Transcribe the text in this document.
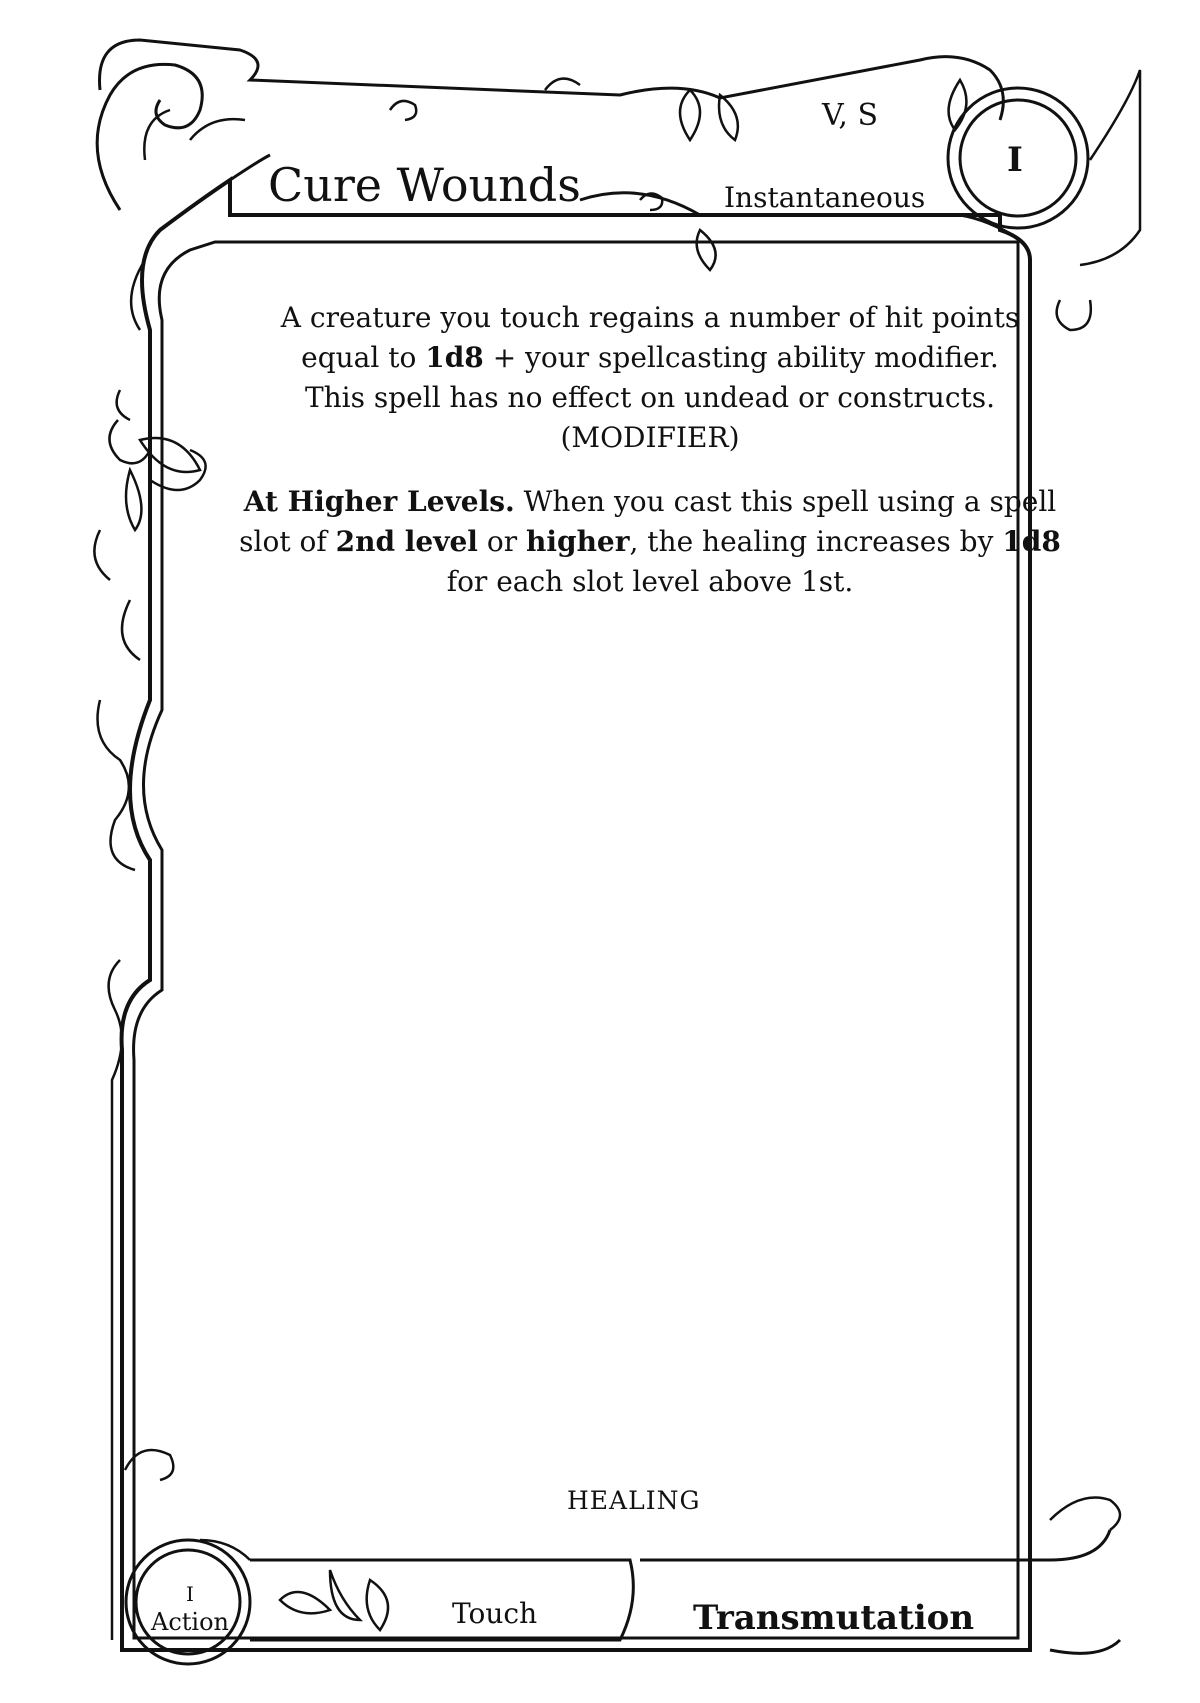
Cure Wounds
V, S
Instantaneous
I

A creature you touch regains a number of hit points

equal to 1d8 + your spellcasting ability modifier.

This spell has no effect on undead or constructs.

(MODIFIER)

At Higher Levels. When you cast this spell using a spell

slot of 2nd level or higher, the healing increases by 1d8

for each slot level above 1st.

HEALING
I
Action	Touch	Transmutation
